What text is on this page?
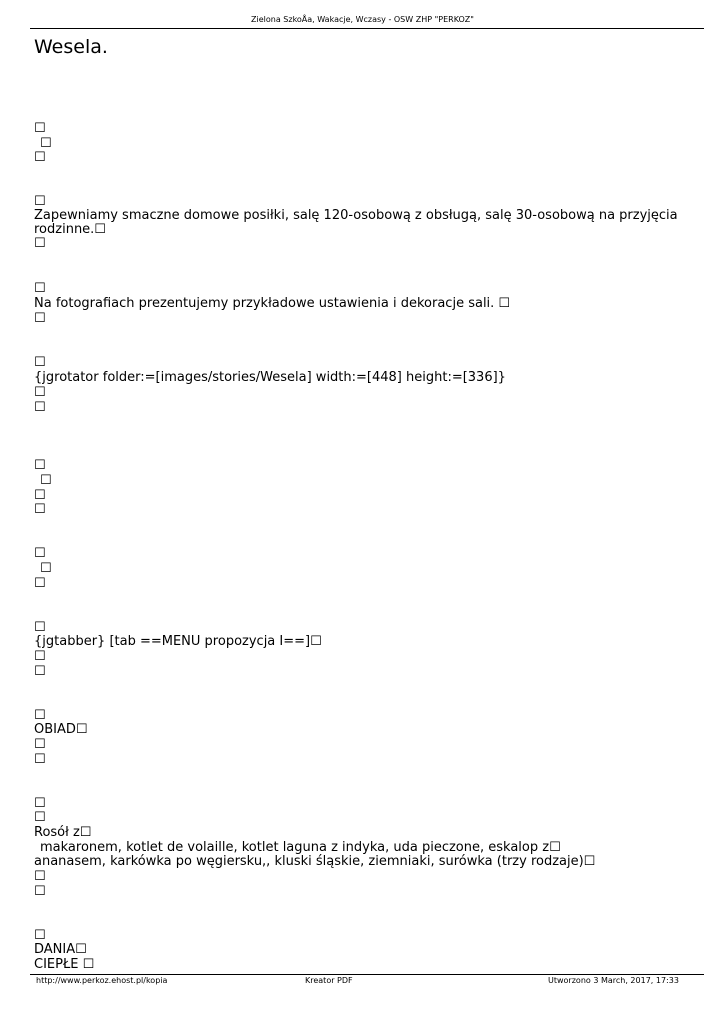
Zielona SzkoÅa, Wakacje, Wczasy - OSW ZHP "PERKOZ"
Wesela.
☐
☐
☐
☐
Zapewniamy smaczne domowe posiłki, salę 120-osobową z obsługą, salę 30-osobową na przyjęcia
rodzinne.☐
☐
☐
Na fotografiach prezentujemy przykładowe ustawienia i dekoracje sali. ☐
☐
☐
{jgrotator folder:=[images/stories/Wesela] width:=[448] height:=[336]}
☐
☐
☐
☐
☐
☐
☐
☐
☐
☐
{jgtabber} [tab ==MENU propozycja I==]☐
☐
☐
☐
OBIAD☐
☐
☐
☐
☐
Rosół z☐
makaronem, kotlet de volaille, kotlet laguna z indyka, uda pieczone, eskalop z☐
ananasem, karkówka po węgiersku,, kluski śląskie, ziemniaki, surówka (trzy rodzaje)☐
☐
☐
☐
DANIA☐
CIEPŁE ☐
http://www.perkoz.ehost.pl/kopia	Kreator PDF	Utworzono 3 March, 2017, 17:33
